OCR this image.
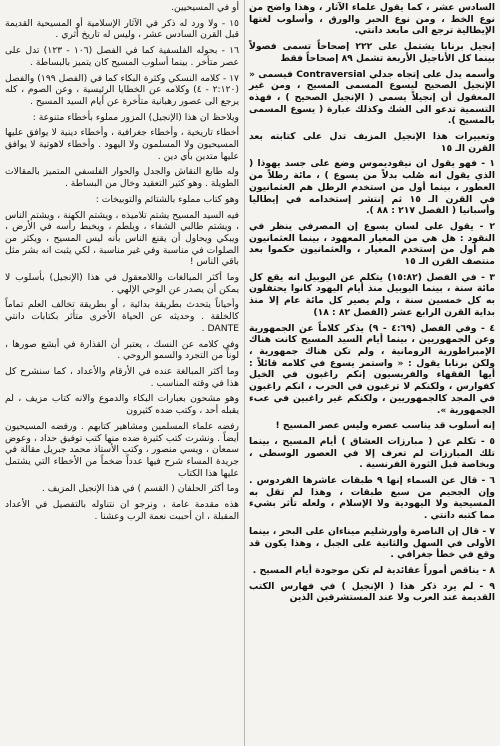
السادس عشر ، كما يقول علماء الآثار ، وهذا واضح من نوع الخط ، ومن نوع الحبر والورق ، وأسلوب لغتها الإيطالية ترجع الى مابعد دانتي.

إنجيل برنابا يشتمل على ٢٢٢ إصحاحاً تسمى فصولاً بينما كل الأناجيل الأربعة تشمل ٨٩ إصحاحاً فقط

وأسمه يدل على إتجاه جدلي Contraversial فيسمى « الإنجيل الصحيح ليسوع المسمى المسيح ، ومن غير المعقول أن إنجيلاً يسمى ( الإنجيل الصحيح ) ، فهذه التسمية تدعو الى الشك وكذلك عبارة ( يسوع المسمى بالمسيح ).

وتعبيرات هذا الإنجيل المزيف تدل على كتابته بعد القرن الـ ١٥

١ - فهو يقول ان نيقوديموس وضع على جسد يهوذا ( الذي يقول انه صُلب بدلاً من يسوع ) ، مائة رطلاً من العطور ، بينما أول من استخدم الرطل هم العثمانيون في القرن الـ ١٥ ثم إنتشر إستخدامه في إيطاليا وأسبانيا ( الفصل ٢١٧ : ٨٨ ).

٢ - يقول على لسان يسوع إن المصرفي ينظر في النقود : هل هي من المعيار المعهود ، بينما العثمانيون هم أول من إستخدم المعيار ، والعثمانيون حكموا بعد منتصف القرن الـ ١٥

٣ - في الفصل (١٥:٨٢) يتكلم عن اليوبيل انه يقع كل مائة سنة ، بينما اليوبيل منذ أيام اليهود كانوا يحتفلون به كل خمسين سنة ، ولم يصير كل مائة عام إلا منذ بداية القرن الرابع عشر (الفصل ٨٢ : ١٨)

٤ - وفي الفصل (٤:٦٩ - ٩) يذكر كلاماً عن الجمهورية وعن الجمهوريين ، بينما أيام السيد المسيح كانت هناك الإمبراطورية الرومانية ، ولم تكن هناك جمهورية ، ولكن برنابا يقول : « واستمر يسوع في كلامه قائلاً : أيها الفقهاء والفريسيون إنكم راغبون في الخيل كفوارس ، ولكنكم لا ترغبون في الحرب ، انكم راغبون في المجد كالجمهوريين ، ولكنكم غير راغبين في عبء الجمهورية ».

إنه أسلوب قد يناسب عصره وليس عصر المسيح !

٥ - تكلم عن ( مبارزات العشاق ) أيام المسيح ، بينما تلك المبارزات لم تعرف إلا في العصور الوسطى ، وبخاصة قبل الثورة الفرنسية .

٦ - قال عن السماء إنها ٩ طبقات عاشرها الفردوس . وإن الجحيم من سبع طبقات ، وهذا لم تقل به المسيحية ولا اليهودية ولا الإسلام ، ولعله تأثر بشيء مما كتبه دانتي .

٧ - قال إن الناصرة وأورشليم ميناءان على البحر ، بينما الأولى في السهل والثانية على الجبل ، وهذا يكون قد وقع في خطأ جغرافي .

٨ - يناقض أموراً عقائدية لم تكن موجودة أيام المسيح .

٩ - لم يرد ذكر هذا ( الإنجيل ) في فهارس الكتب القديمة عند العرب ولا عند المستشرقين الذين

أو في المسيحيين.

١٥ - ولا ورد له ذكر في الآثار الإسلامية أو المسيحية القديمة قبل القرن السادس عشر ، وليس له تاريخ أثري .

١٦ - بحوله الفلسفية كما في الفصل (١٠٦ - ١٢٣) تدل على عصر متأخر . بينما أسلوب المسيح كان يتميز بالبساطة .

١٧ - كلامه النسكي وكثرة البكاء كما في (الفصل ١٩٩) والفصل (٢:١٢٠ - ٤) وكلامه عن الخطايا الرئيسية ، وعن الصوم ، كله يرجع الى عصور رهبانية متأخرة عن أيام السيد المسيح .

ويلاحظ ان هذا (الإنجيل) المزور مملوء بأخطاء متنوعة :

أخطاء تاريخية ، وأخطاء جغرافية ، وأخطاء دينية لا يوافق عليها المسيحيون ولا المسلمون ولا اليهود . وأخطاء لاهوتية لا يوافق عليها متدين بأي دين .

وله طابع النقاش والجدل والحوار الفلسفي المتميز بالمقالات الطويلة . وهو كثير التعقيد وخال من البساطة .

وهو كتاب مملوء بالشتائم والتوبيخات :

فيه السيد المسيح يشتم تلاميذه ، ويشتم الكهنة ، ويشتم الناس ، ويشتم طالبي الشفاء ، ويلطم ، ويخبط رأسه في الأرض ، ويبكي ويحاول أن يقنع الناس بأنه ليس المسيح ، ويكثر من الصلوات في مناسبة وفي غير مناسبة ، لكي يثبت انه بشر مثل باقي الناس !

وما أكثر المبالغات واللامعقول في هذا (الإنجيل) بأسلوب لا يمكن أن يصدر عن الوحي الإلهي .

وأحياناً يتحدث بطريقة بدائية ، أو بطريقة تخالف العلم تماماً كالخلقة . وحديثه عن الحياة الأخرى متأثر بكتابات دانتي DANTE .

وفي كلامه عن النسك ، يعتبر أن القذارة في أبشع صورها ، لوناً من التجرد والسمو الروحي .

وما أكثر المبالغة عنده في الأرقام والأعداد ، كما سنشرح كل هذا في وقته المناسب .

وهو مشحون بعبارات البكاء والدموع والانه كتاب مزيف ، لم يقبله أحد ، وكتب ضده كثيرون

رفضه علماء المسلمين ومشاهير كتابهم . ورفضه المسيحيون أيضاً . ونشرت كتب كثيرة ضده منها كتب توفيق حداد ، وعوض سمعان ، ويسي منصور ، وكتب الأستاذ محمد جبريل مقالة في جريدة المساء شرح فيها عدداً ضخماً من الأخطاء التي يشتمل عليها هذا الكتاب

وما أكثر الحلفان ( القسم ) في هذا الإنجيل المزيف .

هذه مقدمة عامة ، ونرجو ان نتناوله بالتفصيل في الأعداد المقبلة ، ان أحببت نعمة الرب وعشنا .
